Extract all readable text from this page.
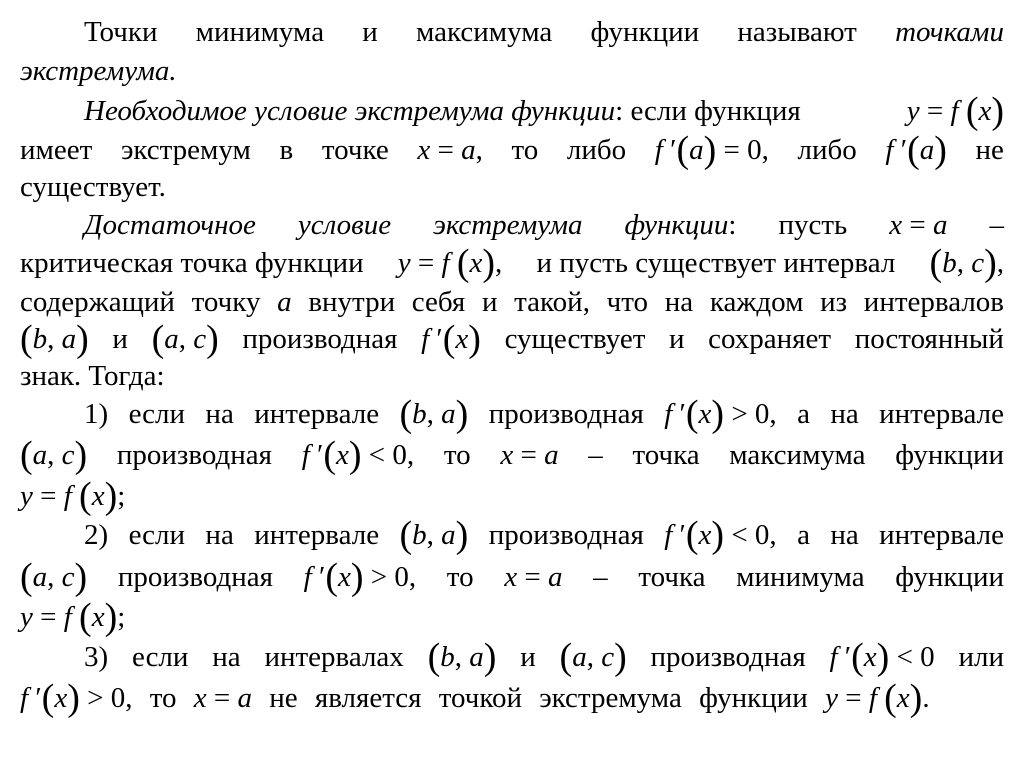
Точки минимума и максимума функции называют точками
экстремума.
Необходимое условие экстремума функции: если функция	y = f (x)
имеет экстремум в точке x = a, то либо f ′(a) = 0, либо f ′(a) не
существует.
Достаточное условие экстремума функции: пусть x = a –
критическая точка функции y = f (x), и пусть существует интервал (b, c),
содержащий точку a внутри себя и такой, что на каждом из интервалов
(b, a) и (a, c) производная f ′(x) существует и сохраняет постоянный
знак. Тогда:
1) если на интервале (b, a) производная f ′(x) > 0, а на интервале
(a, c) производная f ′(x) < 0, то x = a – точка максимума функции
y = f (x);
2) если на интервале (b, a) производная f ′(x) < 0, а на интервале
(a, c) производная f ′(x) > 0, то x = a – точка минимума функции
y = f (x);
3) если на интервалах (b, a) и (a, c) производная f ′(x) < 0 или
f ′(x) > 0, то x = a не является точкой экстремума функции y = f (x).
